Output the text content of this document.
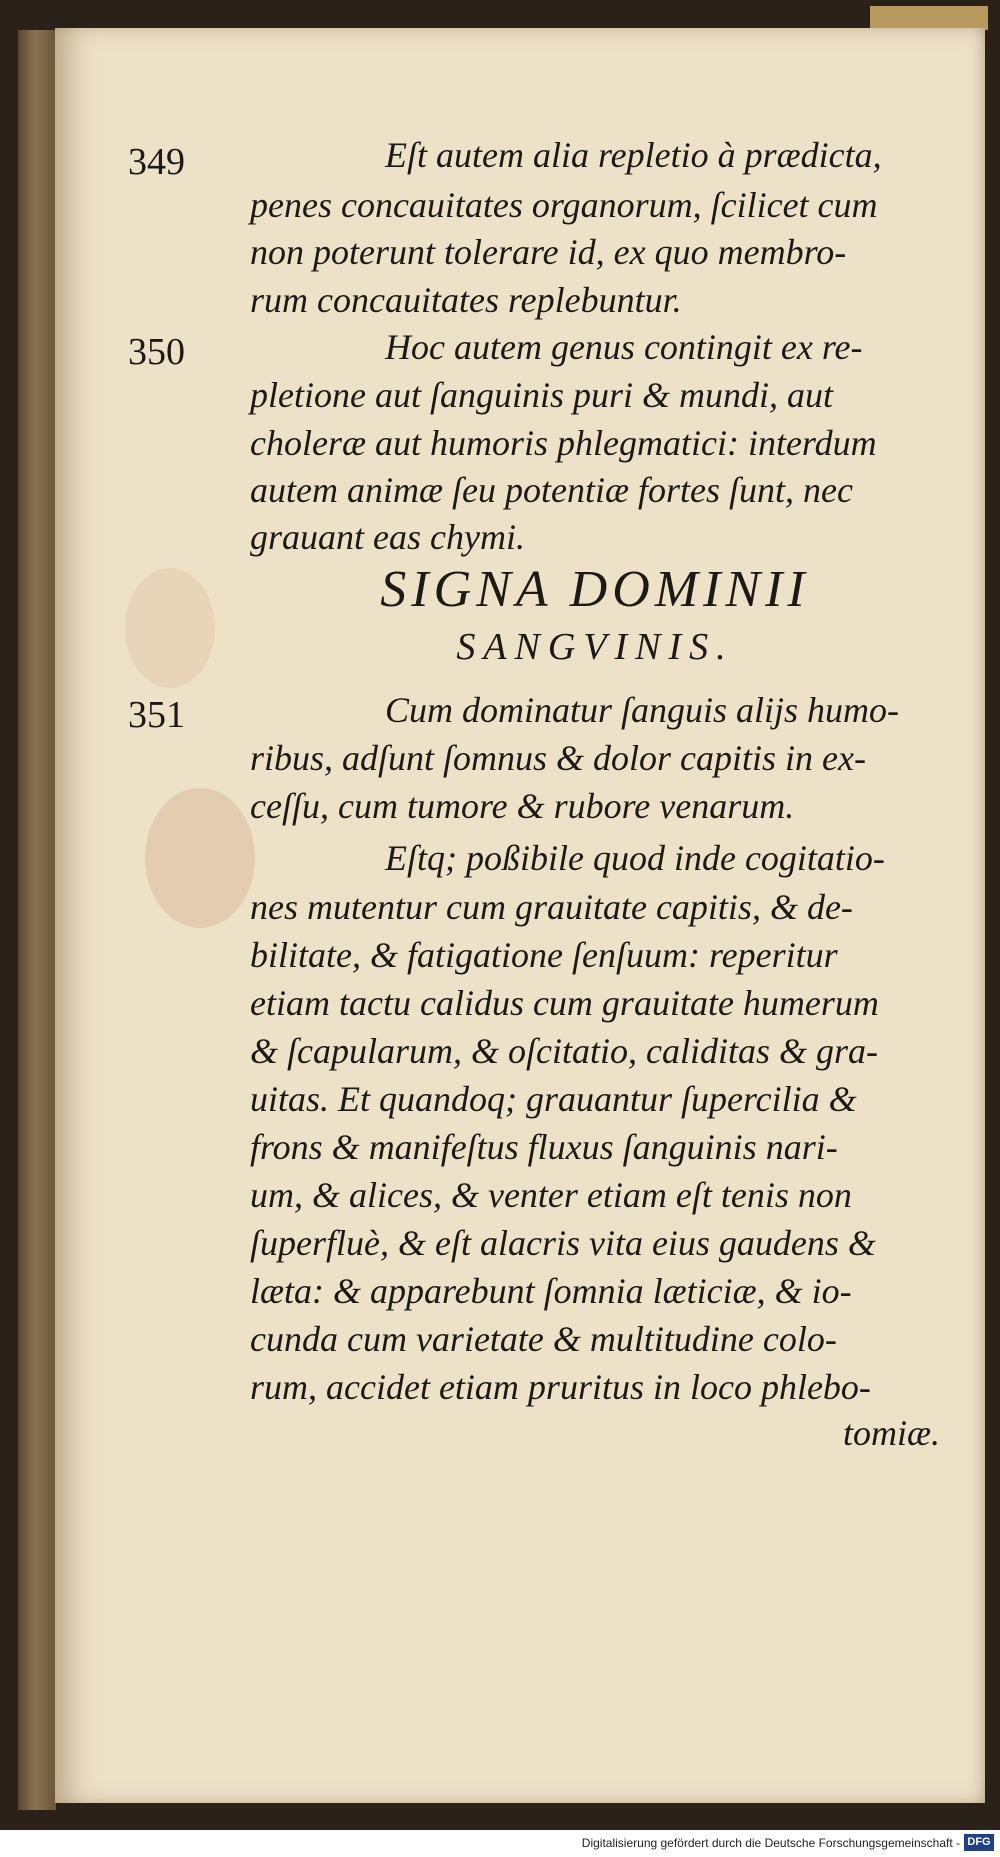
349
350
351
Eſt autem alia repletio à prædicta,
penes concauitates organorum, ſcilicet cum
non poterunt tolerare id, ex quo membro-
rum concauitates replebuntur.
Hoc autem genus contingit ex re-
pletione aut ſanguinis puri & mundi, aut
choleræ aut humoris phlegmatici: interdum
autem animæ ſeu potentiæ fortes ſunt, nec
grauant eas chymi.
SIGNA DOMINII
SANGVINIS.
Cum dominatur ſanguis alijs humo-
ribus, adſunt ſomnus & dolor capitis in ex-
ceſſu, cum tumore & rubore venarum.
Eſtq; poßibile quod inde cogitatio-
nes mutentur cum grauitate capitis, & de-
bilitate, & fatigatione ſenſuum: reperitur
etiam tactu calidus cum grauitate humerum
& ſcapularum, & oſcitatio, caliditas & gra-
uitas. Et quandoq; grauantur ſupercilia &
frons & manifeſtus fluxus ſanguinis nari-
um, & alices, & venter etiam eſt tenis non
ſuperfluè, & eſt alacris vita eius gaudens &
læta: & apparebunt ſomnia læticiæ, & io-
cunda cum varietate & multitudine colo-
rum, accidet etiam pruritus in loco phlebo-
tomiæ.
Digitalisierung gefördert durch die Deutsche Forschungsgemeinschaft - DFG
